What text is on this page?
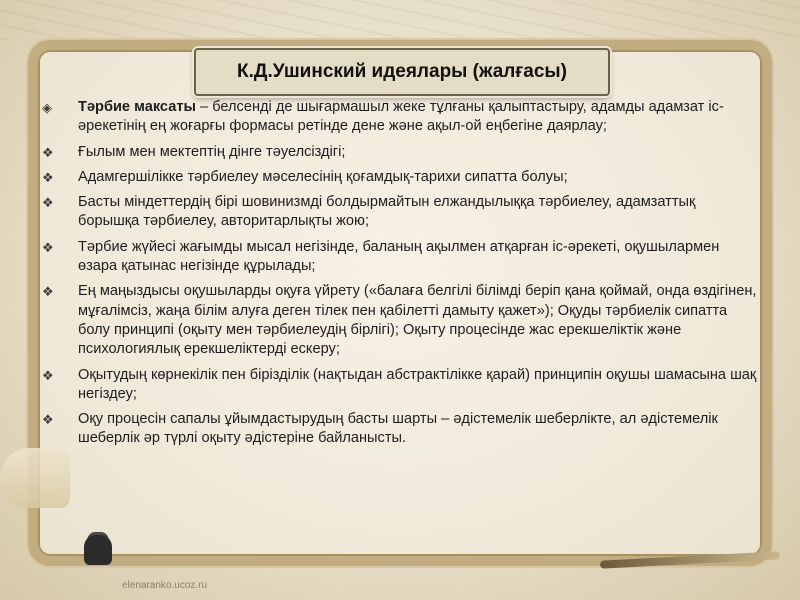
К.Д.Ушинский идеялары (жалғасы)
◈ Тәрбие максаты – белсенді де шығармашыл жеке тұлғаны қалыптастыру, адамды адамзат іс-әрекетінің ең жоғарғы формасы ретінде дене және ақыл-ой еңбегіне даярлау;
❖ Ғылым мен мектептің дінге тәуелсіздігі;
❖ Адамгершілікке тәрбиелеу мәселесінің қоғамдық-тарихи сипатта болуы;
❖ Басты міндеттердің бірі шовинизмді болдырмайтын елжандылыққа тәрбиелеу, адамзаттық борышқа тәрбиелеу, авторитарлықты жою;
❖ Тәрбие жүйесі жағымды мысал негізінде, баланың ақылмен атқарған іс-әрекеті, оқушылармен өзара қатынас негізінде құрылады;
❖ Ең маңыздысы оқушыларды оқуға үйрету («балаға белгілі білімді беріп қана қоймай, онда өздігінен, мұғалімсіз, жаңа білім алуға деген тілек пен қабілетті дамыту қажет»); Оқуды тәрбиелік сипатта болу принципі (оқыту мен тәрбиелеудің бірлігі); Оқыту процесінде жас ерекшеліктік және психологиялық ерекшеліктерді ескеру;
❖ Оқытудың көрнекілік пен бірізділік (нақтыдан абстрактілікке қарай) принципін оқушы шамасына шақ негіздеу;
❖ Оқу процесін сапалы ұйымдастырудың басты шарты – әдістемелік шеберлікте, ал әдістемелік шеберлік әр түрлі оқыту әдістеріне байланысты.
elenaranko.ucoz.ru
